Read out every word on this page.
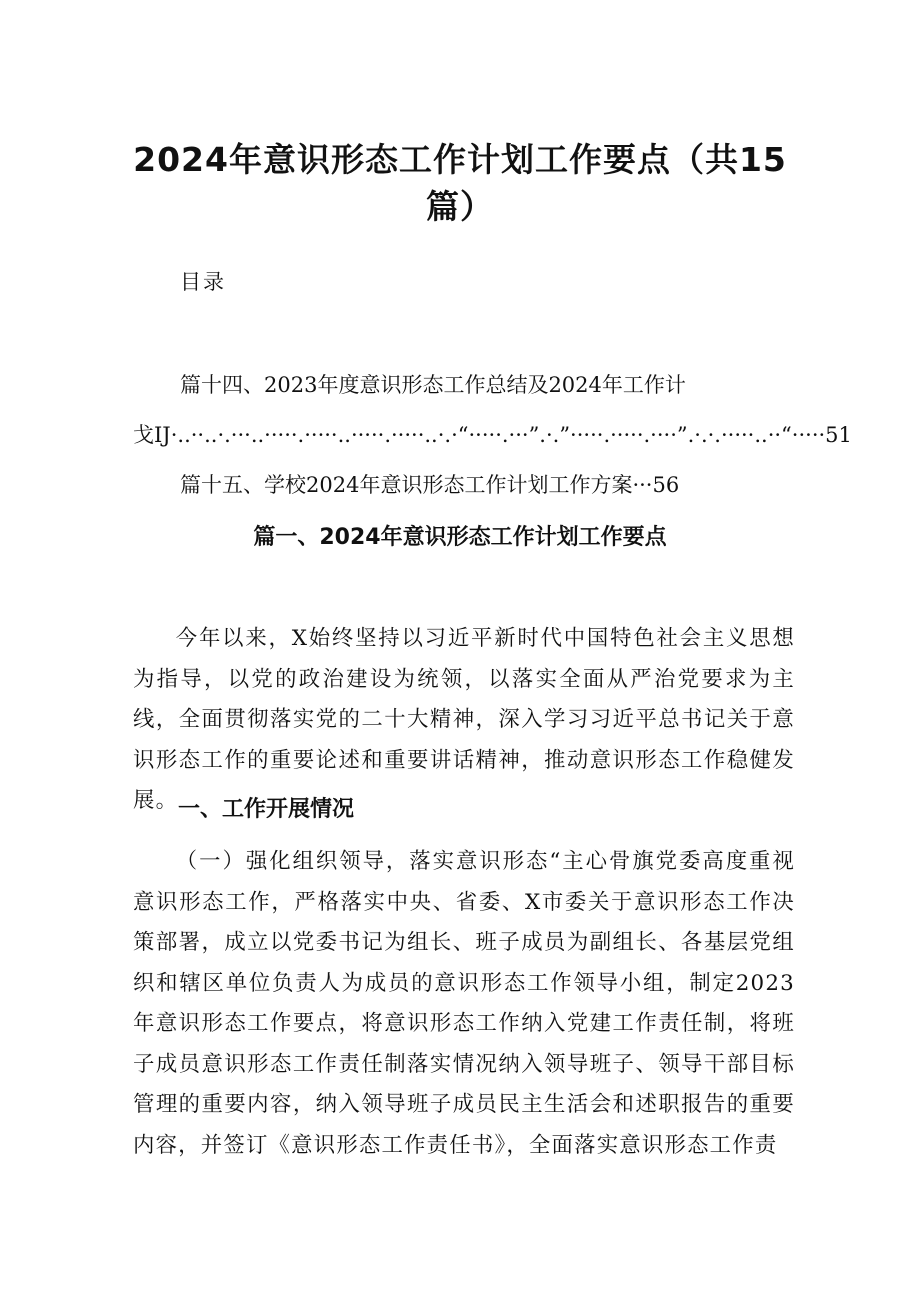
2024年意识形态工作计划工作要点（共15
篇）

目录

篇十四、2023年度意识形态工作总结及2024年工作计

戈IJ·..··..·.···..·····.·····..·····.·····..·.·“·····.···”.·.”·····.·····.····”.·.·.·····..··“·····51

篇十五、学校2024年意识形态工作计划工作方案···56

篇一、2024年意识形态工作计划工作要点

今年以来，X始终坚持以习近平新时代中国特色社会主义思想为指导，以党的政治建设为统领，以落实全面从严治党要求为主线，全面贯彻落实党的二十大精神，深入学习习近平总书记关于意识形态工作的重要论述和重要讲话精神，推动意识形态工作稳健发展。 一、工作开展情况

（一）强化组织领导，落实意识形态“主心骨旗党委高度重视意识形态工作，严格落实中央、省委、X市委关于意识形态工作决策部署，成立以党委书记为组长、班子成员为副组长、各基层党组织和辖区单位负责人为成员的意识形态工作领导小组，制定2023年意识形态工作要点，将意识形态工作纳入党建工作责任制，将班子成员意识形态工作责任制落实情况纳入领导班子、领导干部目标管理的重要内容，纳入领导班子成员民主生活会和述职报告的重要内容，并签订《意识形态工作责任书》，全面落实意识形态工作责
